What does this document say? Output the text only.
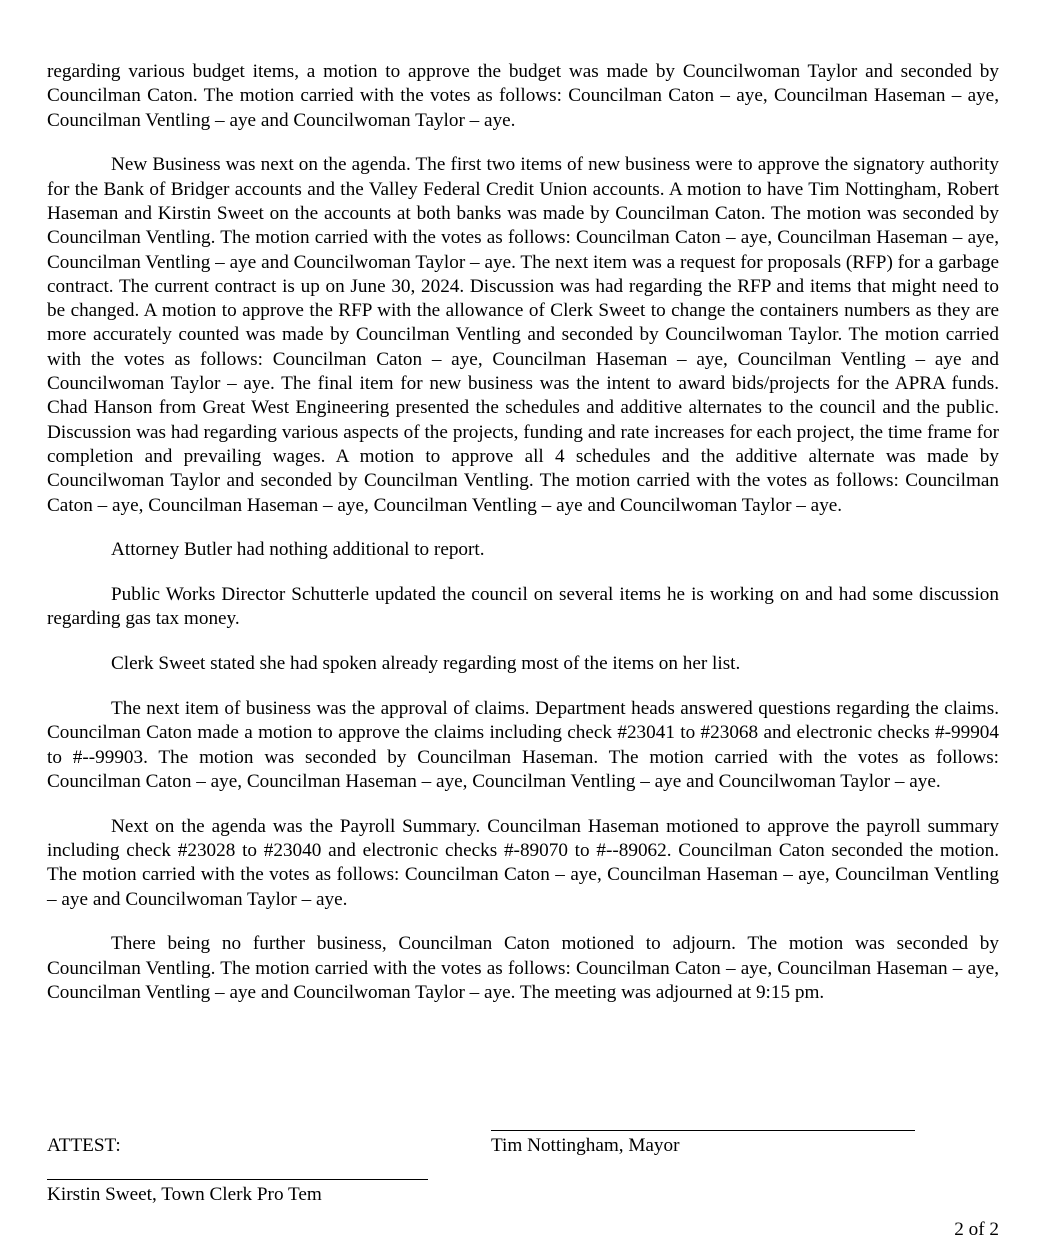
regarding various budget items, a motion to approve the budget was made by Councilwoman Taylor and seconded by Councilman Caton. The motion carried with the votes as follows: Councilman Caton – aye, Councilman Haseman – aye, Councilman Ventling – aye and Councilwoman Taylor – aye.

New Business was next on the agenda. The first two items of new business were to approve the signatory authority for the Bank of Bridger accounts and the Valley Federal Credit Union accounts. A motion to have Tim Nottingham, Robert Haseman and Kirstin Sweet on the accounts at both banks was made by Councilman Caton. The motion was seconded by Councilman Ventling. The motion carried with the votes as follows: Councilman Caton – aye, Councilman Haseman – aye, Councilman Ventling – aye and Councilwoman Taylor – aye. The next item was a request for proposals (RFP) for a garbage contract. The current contract is up on June 30, 2024. Discussion was had regarding the RFP and items that might need to be changed. A motion to approve the RFP with the allowance of Clerk Sweet to change the containers numbers as they are more accurately counted was made by Councilman Ventling and seconded by Councilwoman Taylor. The motion carried with the votes as follows: Councilman Caton – aye, Councilman Haseman – aye, Councilman Ventling – aye and Councilwoman Taylor – aye. The final item for new business was the intent to award bids/projects for the APRA funds. Chad Hanson from Great West Engineering presented the schedules and additive alternates to the council and the public. Discussion was had regarding various aspects of the projects, funding and rate increases for each project, the time frame for completion and prevailing wages. A motion to approve all 4 schedules and the additive alternate was made by Councilwoman Taylor and seconded by Councilman Ventling. The motion carried with the votes as follows: Councilman Caton – aye, Councilman Haseman – aye, Councilman Ventling – aye and Councilwoman Taylor – aye.

Attorney Butler had nothing additional to report.

Public Works Director Schutterle updated the council on several items he is working on and had some discussion regarding gas tax money.

Clerk Sweet stated she had spoken already regarding most of the items on her list.

The next item of business was the approval of claims. Department heads answered questions regarding the claims. Councilman Caton made a motion to approve the claims including check #23041 to #23068 and electronic checks #-99904 to #--99903. The motion was seconded by Councilman Haseman. The motion carried with the votes as follows: Councilman Caton – aye, Councilman Haseman – aye, Councilman Ventling – aye and Councilwoman Taylor – aye.

Next on the agenda was the Payroll Summary. Councilman Haseman motioned to approve the payroll summary including check #23028 to #23040 and electronic checks #-89070 to #--89062. Councilman Caton seconded the motion. The motion carried with the votes as follows: Councilman Caton – aye, Councilman Haseman – aye, Councilman Ventling – aye and Councilwoman Taylor – aye.

There being no further business, Councilman Caton motioned to adjourn. The motion was seconded by Councilman Ventling. The motion carried with the votes as follows: Councilman Caton – aye, Councilman Haseman – aye, Councilman Ventling – aye and Councilwoman Taylor – aye. The meeting was adjourned at 9:15 pm.

ATTEST:	Tim Nottingham, Mayor
Kirstin Sweet, Town Clerk Pro Tem
2 of 2
